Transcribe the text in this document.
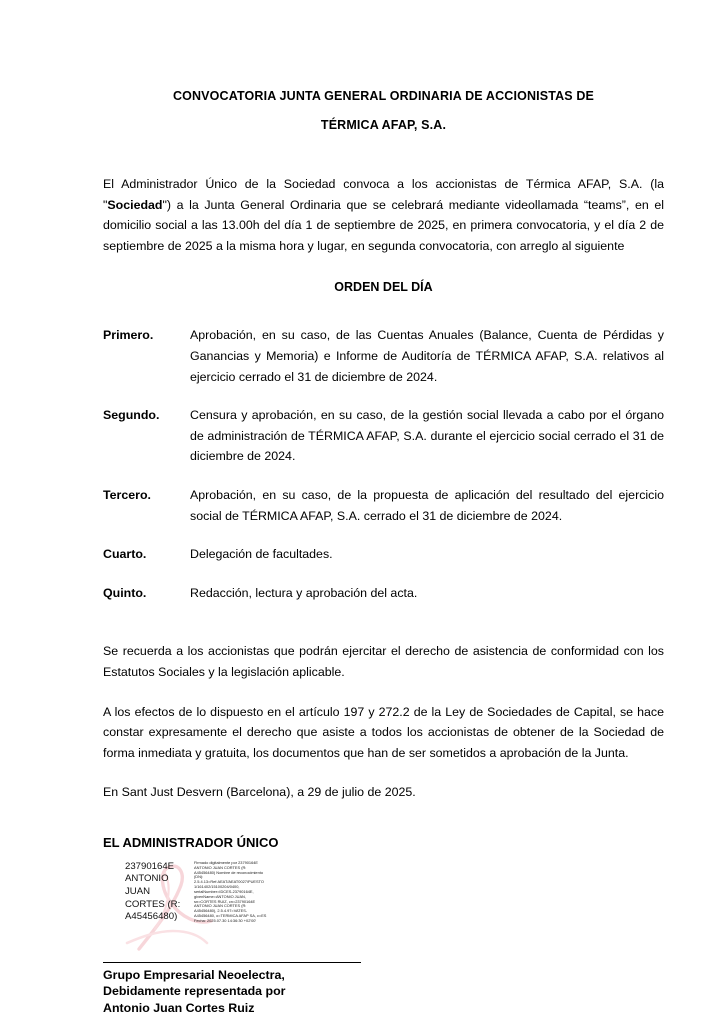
CONVOCATORIA JUNTA GENERAL ORDINARIA DE ACCIONISTAS DE
TÉRMICA AFAP, S.A.

El Administrador Único de la Sociedad convoca a los accionistas de Térmica AFAP, S.A. (la "Sociedad") a la Junta General Ordinaria que se celebrará mediante videollamada “teams”, en el domicilio social a las 13.00h del día 1 de septiembre de 2025, en primera convocatoria, y el día 2 de septiembre de 2025 a la misma hora y lugar, en segunda convocatoria, con arreglo al siguiente

ORDEN DEL DÍA
Primero.	Aprobación, en su caso, de las Cuentas Anuales (Balance, Cuenta de Pérdidas y Ganancias y Memoria) e Informe de Auditoría de TÉRMICA AFAP, S.A. relativos al ejercicio cerrado el 31 de diciembre de 2024.
Segundo.	Censura y aprobación, en su caso, de la gestión social llevada a cabo por el órgano de administración de TÉRMICA AFAP, S.A. durante el ejercicio social cerrado el 31 de diciembre de 2024.
Tercero.	Aprobación, en su caso, de la propuesta de aplicación del resultado del ejercicio social de TÉRMICA AFAP, S.A. cerrado el 31 de diciembre de 2024.
Cuarto.	Delegación de facultades.
Quinto.	Redacción, lectura y aprobación del acta.

Se recuerda a los accionistas que podrán ejercitar el derecho de asistencia de conformidad con los Estatutos Sociales y la legislación aplicable.

A los efectos de lo dispuesto en el artículo 197 y 272.2 de la Ley de Sociedades de Capital, se hace constar expresamente el derecho que asiste a todos los accionistas de obtener de la Sociedad de forma inmediata y gratuita, los documentos que han de ser sometidos a aprobación de la Junta.

En Sant Just Desvern (Barcelona), a 29 de julio de 2025.

EL ADMINISTRADOR ÚNICO
23790164E ANTONIO JUAN CORTES (R: A45456480)
Firmado digitalmente por 23790164E ANTONIO JUAN CORTES (R: A45456480) Nombre de reconocimiento (DN): 2.5.4.13=Ref:AEAT/AEAT0027/PUESTO 1/161402/15100204/0400, serialNumber=IDCES-23790164E, givenName=ANTONIO JUAN, sn=CORTES RUIZ, cn=23790164E ANTONIO JUAN CORTES (R: A45456480), 2.5.4.97=VATES-A45456480, o=TERMICA AFAP SA, c=ES Fecha: 2025.07.30 14:36:30 +02'00'
Grupo Empresarial Neoelectra,
Debidamente representada por
Antonio Juan Cortes Ruiz
